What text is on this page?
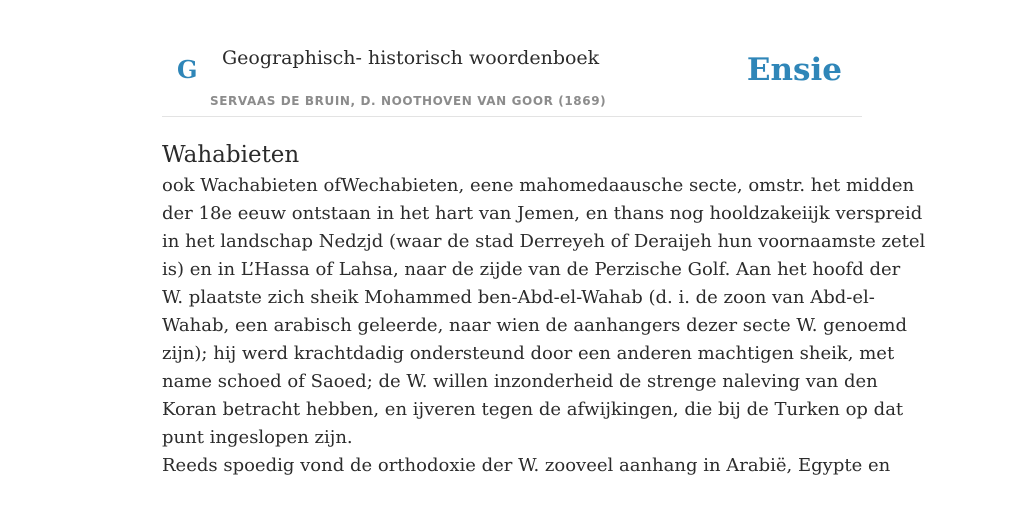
G Geographisch- historisch woordenboek
SERVAAS DE BRUIN, D. NOOTHOVEN VAN GOOR (1869)
Ensie
Wahabieten

ook Wachabieten ofWechabieten, eene mahomedaausche secte, omstr. het midden
der 18e eeuw ontstaan in het hart van Jemen, en thans nog hooldzakeiijk verspreid
in het landschap Nedzjd (waar de stad Derreyeh of Deraijeh hun voornaamste zetel
is) en in L’Hassa of Lahsa, naar de zijde van de Perzische Golf. Aan het hoofd der
W. plaatste zich sheik Mohammed ben-Abd-el-Wahab (d. i. de zoon van Abd-el-
Wahab, een arabisch geleerde, naar wien de aanhangers dezer secte W. genoemd
zijn); hij werd krachtdadig ondersteund door een anderen machtigen sheik, met
name schoed of Saoed; de W. willen inzonderheid de strenge naleving van den
Koran betracht hebben, en ijveren tegen de afwijkingen, die bij de Turken op dat
punt ingeslopen zijn.

Reeds spoedig vond de orthodoxie der W. zooveel aanhang in Arabië, Egypte en
